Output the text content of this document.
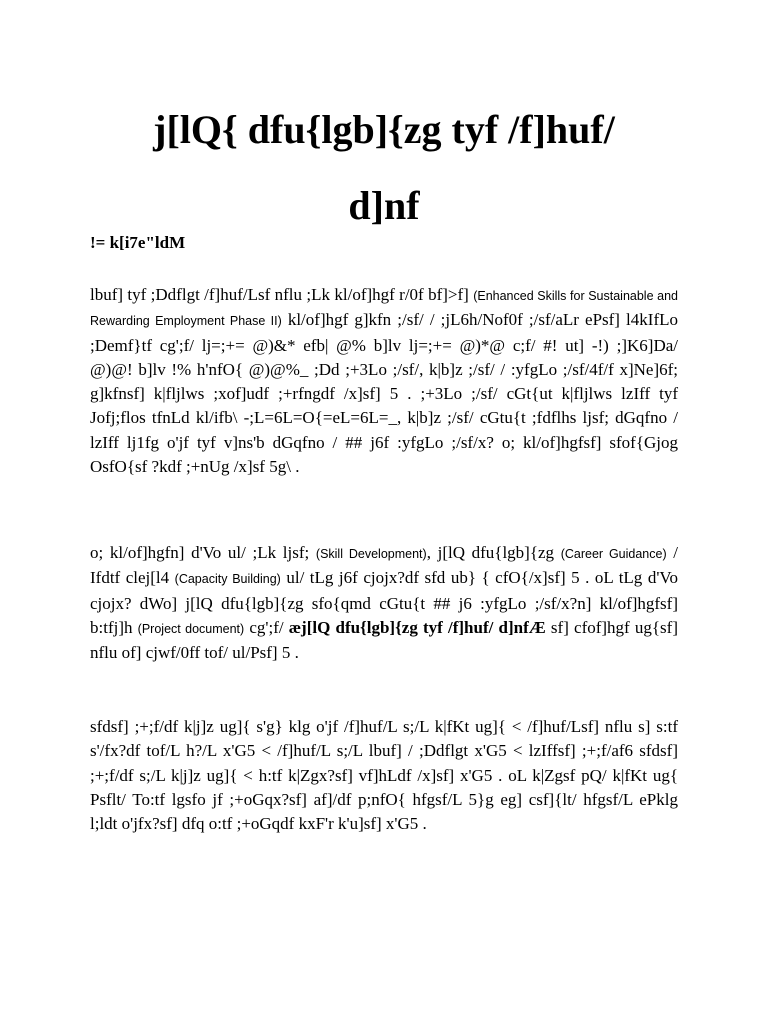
j[lQ{ dfu{lgb]{zg tyf /f]huf/
d]nf

!= k[i7e"ldM

lbuf] tyf ;Ddflgt /f]huf/Lsf nflu ;Lk kl/of]hgf r/0f bf]>f] (Enhanced Skills for Sustainable and Rewarding Employment Phase II) kl/of]hgf g]kfn ;/sf/ / ;jL6h/Nof0f ;/sf/aLr ePsf] l4kIfLo ;Demf}tf cg';f/ lj=;+= @)&* efb| @% b]lv lj=;+= @)*@ c;f/ #! ut] -!) ;]K6]Da/ @)@! b]lv !% h'nfO{ @)@%_ ;Dd ;+3Lo ;/sf/, k|b]z ;/sf/ / :yfgLo ;/sf/4f/f x]Ne]6f; g]kfnsf] k|fljlws ;xof]udf ;+rfngdf /x]sf] 5 . ;+3Lo ;/sf/ cGt{ut k|fljlws lzIff tyf Jofj;flos tfnLd kl/ifb\ -;L=6L=O{=eL=6L=_, k|b]z ;/sf/ cGtu{t ;fdflhs ljsf; dGqfno / lzIff lj1fg o'jf tyf v]ns'b dGqfno / ## j6f :yfgLo ;/sf/x? o; kl/of]hgfsf] sfof{Gjog OsfO{sf ?kdf ;+nUg /x]sf 5g\ .

o; kl/of]hgfn] d'Vo ul/ ;Lk ljsf; (Skill Development), j[lQ dfu{lgb]{zg (Career Guidance) / Ifdtf clej[l4 (Capacity Building) ul/ tLg j6f cjojx?df sfd ub} { cfO{/x]sf] 5 . oL tLg d'Vo cjojx? dWo] j[lQ dfu{lgb]{zg sfo{qmd cGtu{t ## j6 :yfgLo ;/sf/x?n] kl/of]hgfsf] b:tfj]h (Project document) cg';f/ æj[lQ dfu{lgb]{zg tyf /f]huf/ d]nfÆ sf] cfof]hgf ug{sf] nflu of] cjwf/0ff tof/ ul/Psf] 5 .

sfdsf] ;+;f/df k|j]z ug]{ s'g} klg o'jf /f]huf/L s;/L k|fKt ug]{ < /f]huf/Lsf] nflu s] s:tf s'/fx?df tof/L h?/L x'G5 < /f]huf/L s;/L lbuf] / ;Ddflgt x'G5 < lzIffsf] ;+;f/af6 sfdsf] ;+;f/df s;/L k|j]z ug]{ < h:tf k|Zgx?sf] vf]hLdf /x]sf] x'G5 . oL k|Zgsf pQ/ k|fKt ug{ Psflt/ To:tf lgsfo jf ;+oGqx?sf] af]/df p;nfO{ hfgsf/L 5}g eg] csf]{lt/ hfgsf/L ePklg l;ldt o'jfx?sf] dfq o:tf ;+oGqdf kxF'r k'u]sf] x'G5 .
